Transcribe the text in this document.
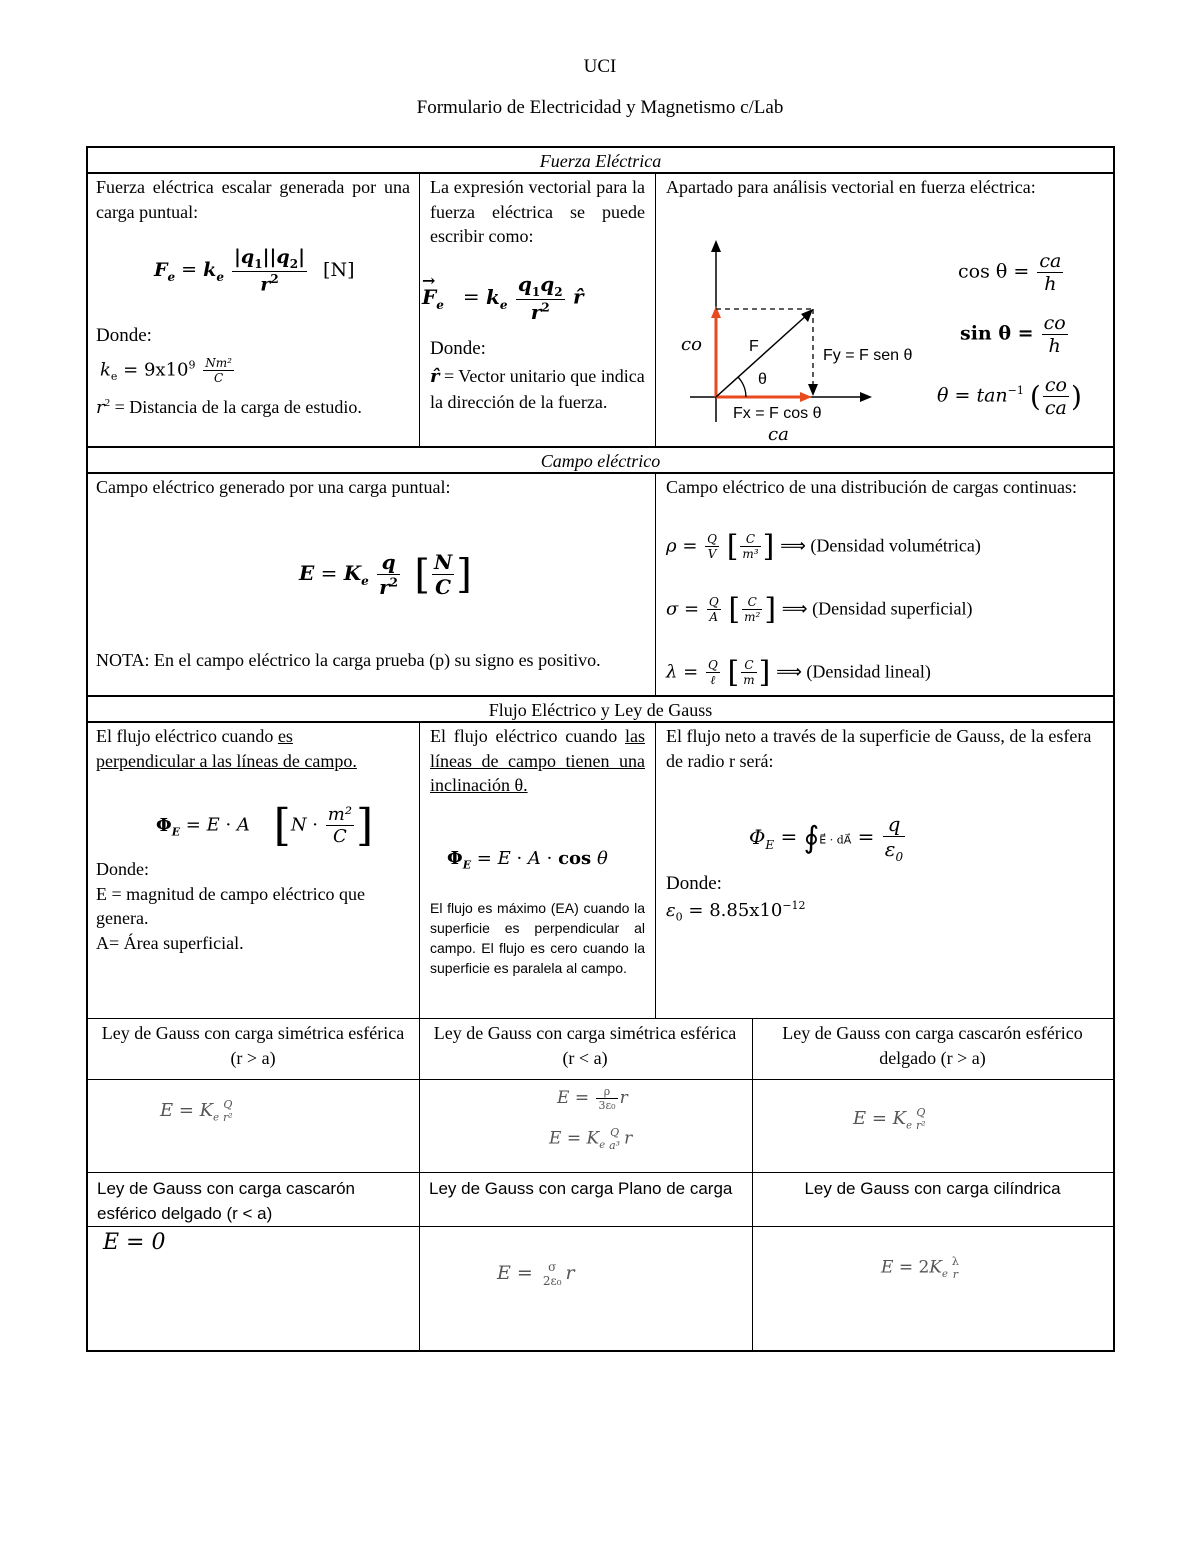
UCI
Formulario de Electricidad y Magnetismo c/Lab
Fuerza Eléctrica
Fuerza eléctrica escalar generada por una carga puntual:
$F_e = k_e \frac{|q_1||q_2|}{r^2} [N]$
Donde:
$k_e = 9x10^9 \frac{\text{Nm²}}{C}$
$r^2$ = Distancia de la carga de estudio.
La expresión vectorial para la fuerza eléctrica se puede escribir como:
$F_e$
→
= $k_e \frac{q_1q_2}{r^2}$ r̂
Donde:
r̂ = Vector unitario que indica la dirección de la fuerza.
Apartado para análisis vectorial en fuerza eléctrica:
co
ca
F
θ
Fy = F sen θ
Fx = F cos θ
$\cos \theta = \frac{ca}{h}$
$\sin \theta = \frac{co}{h}$
$\theta = \tan^{-1}$ ( $\frac{co}{ca}$ )
Campo eléctrico
Campo eléctrico generado por una carga puntual:
$E = K_e \frac{q}{r^2}$ [ $\frac{N}{C}$ ]
NOTA: En el campo eléctrico la carga prueba (p) su signo es positivo.
Campo eléctrico de una distribución de cargas continuas:
$\rho = \frac{Q}{V}$ [ $\frac{C}{\text{m³}}$ ] ⟹ (Densidad volumétrica)
$\sigma = \frac{Q}{A}$ [ $\frac{C}{\text{m²}}$ ] ⟹ (Densidad superficial)
$\lambda = \frac{Q}{\text{ℓ}}$ [ $\frac{C}{m}$ ] ⟹ (Densidad lineal)
Flujo Eléctrico y Ley de Gauss
El flujo eléctrico cuando es perpendicular a las líneas de campo.
$\Phi_E = E \cdot A$ [$N \cdot \frac{\text{m²}}{C}$ ]
Donde:
E = magnitud de campo eléctrico que genera.
A= Área superficial.
El flujo eléctrico cuando las líneas de campo tienen una inclinación θ.
$\Phi_E = E \cdot A \cdot \cos \theta$
El flujo es máximo (EA) cuando la superficie es perpendicular al campo. El flujo es cero cuando la superficie es paralela al campo.
El flujo neto a través de la superficie de Gauss, de la esfera de radio r será:
$\Phi_E$ = ∮E⃗ · dA⃗ = $\frac{q}{\varepsilon_0}$
Donde:
$\varepsilon_0 = 8.85x10^{-12}$
Ley de Gauss con carga simétrica esférica (r > a)
Ley de Gauss con carga simétrica esférica (r < a)
Ley de Gauss con carga cascarón esférico delgado (r > a)
$E = K_e$
Q
r²
$E = \frac{\rho}{\text{3ε₀}}$ r
$E = K_e$
Q
a³ r
$E = K_e$
Q
r²
Ley de Gauss con carga cascarón esférico delgado (r < a)
Ley de Gauss con carga Plano de carga	Ley de Gauss con carga cilíndrica
E = 0
E = σ
2ε₀ r	$E = 2K_e$
λ
r
